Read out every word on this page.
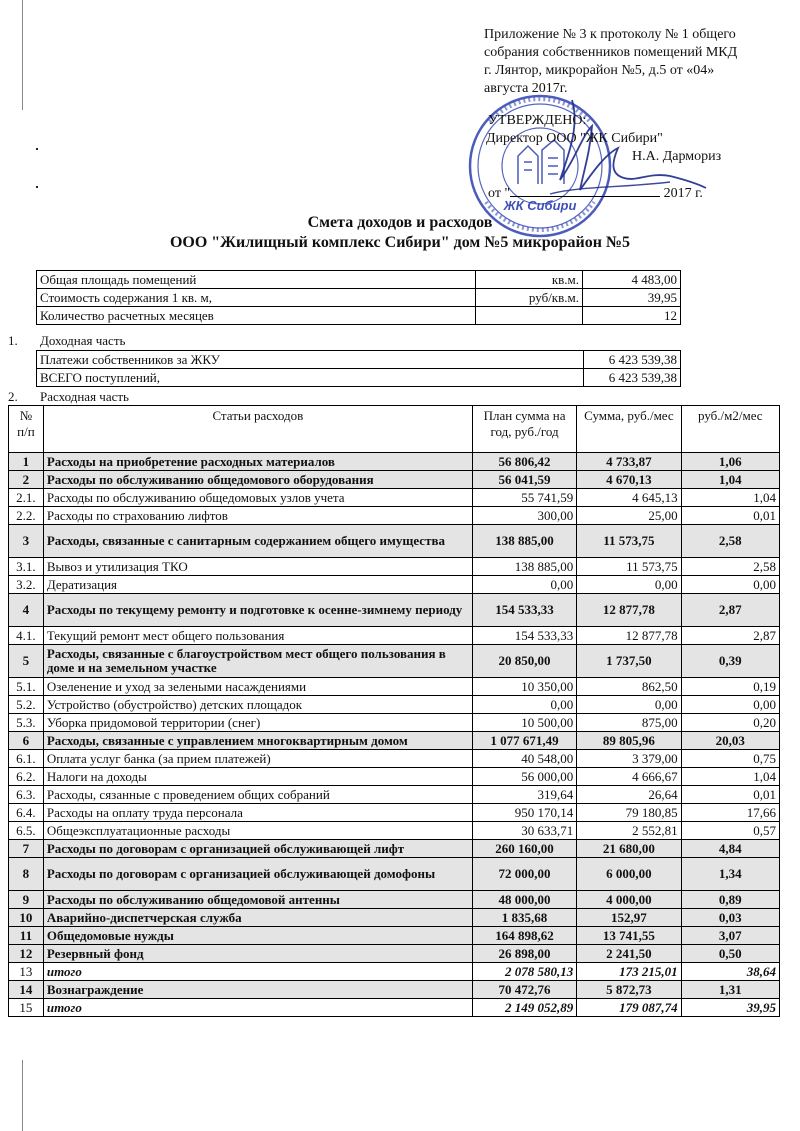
Приложение № 3 к протоколу № 1 общего
собрания собственников помещений МКД
г. Лянтор, микрорайон №5, д.5 от «04»
августа 2017г.
ЖК Сибири
УТВЕРЖДЕНО:
Директор ООО "ЖК Сибири"
Н.А. Дармориз
от "	2017 г.
Смета доходов и расходов
ООО "Жилищный комплекс Сибири" дом №5 микрорайон №5
Общая площадь помещений	кв.м.	4 483,00
Стоимость содержания 1 кв. м,	руб/кв.м.	39,95
Количество расчетных месяцев		12
1. Доходная часть
Платежи собственников за ЖКУ	6 423 539,38
ВСЕГО поступлений,	6 423 539,38
2. Расходная часть
№
п/п	Статьи расходов	План сумма на год, руб./год	Сумма, руб./мес	руб./м2/мес
1	Расходы на приобретение расходных материалов	56 806,42	4 733,87	1,06
2	Расходы по обслуживанию общедомового оборудования	56 041,59	4 670,13	1,04
2.1.	Расходы по обслуживанию общедомовых узлов учета	55 741,59	4 645,13	1,04
2.2.	Расходы по страхованию лифтов	300,00	25,00	0,01
3	Расходы, связанные с санитарным содержанием общего имущества	138 885,00	11 573,75	2,58
3.1.	Вывоз и утилизация ТКО	138 885,00	11 573,75	2,58
3.2.	Дератизация	0,00	0,00	0,00
4	Расходы по текущему ремонту и подготовке к осенне-зимнему периоду	154 533,33	12 877,78	2,87
4.1.	Текущий ремонт мест общего пользования	154 533,33	12 877,78	2,87
5	Расходы, связанные с благоустройством мест общего пользования в доме и на земельном участке	20 850,00	1 737,50	0,39
5.1.	Озеленение и уход за зелеными насаждениями	10 350,00	862,50	0,19
5.2.	Устройство (обустройство) детских площадок	0,00	0,00	0,00
5.3.	Уборка придомовой территории (снег)	10 500,00	875,00	0,20
6	Расходы, связанные с управлением многоквартирным домом	1 077 671,49	89 805,96	20,03
6.1.	Оплата услуг банка (за прием платежей)	40 548,00	3 379,00	0,75
6.2.	Налоги на доходы	56 000,00	4 666,67	1,04
6.3.	Расходы, сязанные с проведением общих собраний	319,64	26,64	0,01
6.4.	Расходы на оплату труда персонала	950 170,14	79 180,85	17,66
6.5.	Общеэксплуатационные расходы	30 633,71	2 552,81	0,57
7	Расходы по договорам с организацией обслуживающей лифт	260 160,00	21 680,00	4,84
8	Расходы по договорам с организацией обслуживающей домофоны	72 000,00	6 000,00	1,34
9	Расходы по обслуживанию общедомовой антенны	48 000,00	4 000,00	0,89
10	Аварийно-диспетчерская служба	1 835,68	152,97	0,03
11	Общедомовые нужды	164 898,62	13 741,55	3,07
12	Резервный фонд	26 898,00	2 241,50	0,50
13	итого	2 078 580,13	173 215,01	38,64
14	Вознаграждение	70 472,76	5 872,73	1,31
15	итого	2 149 052,89	179 087,74	39,95
